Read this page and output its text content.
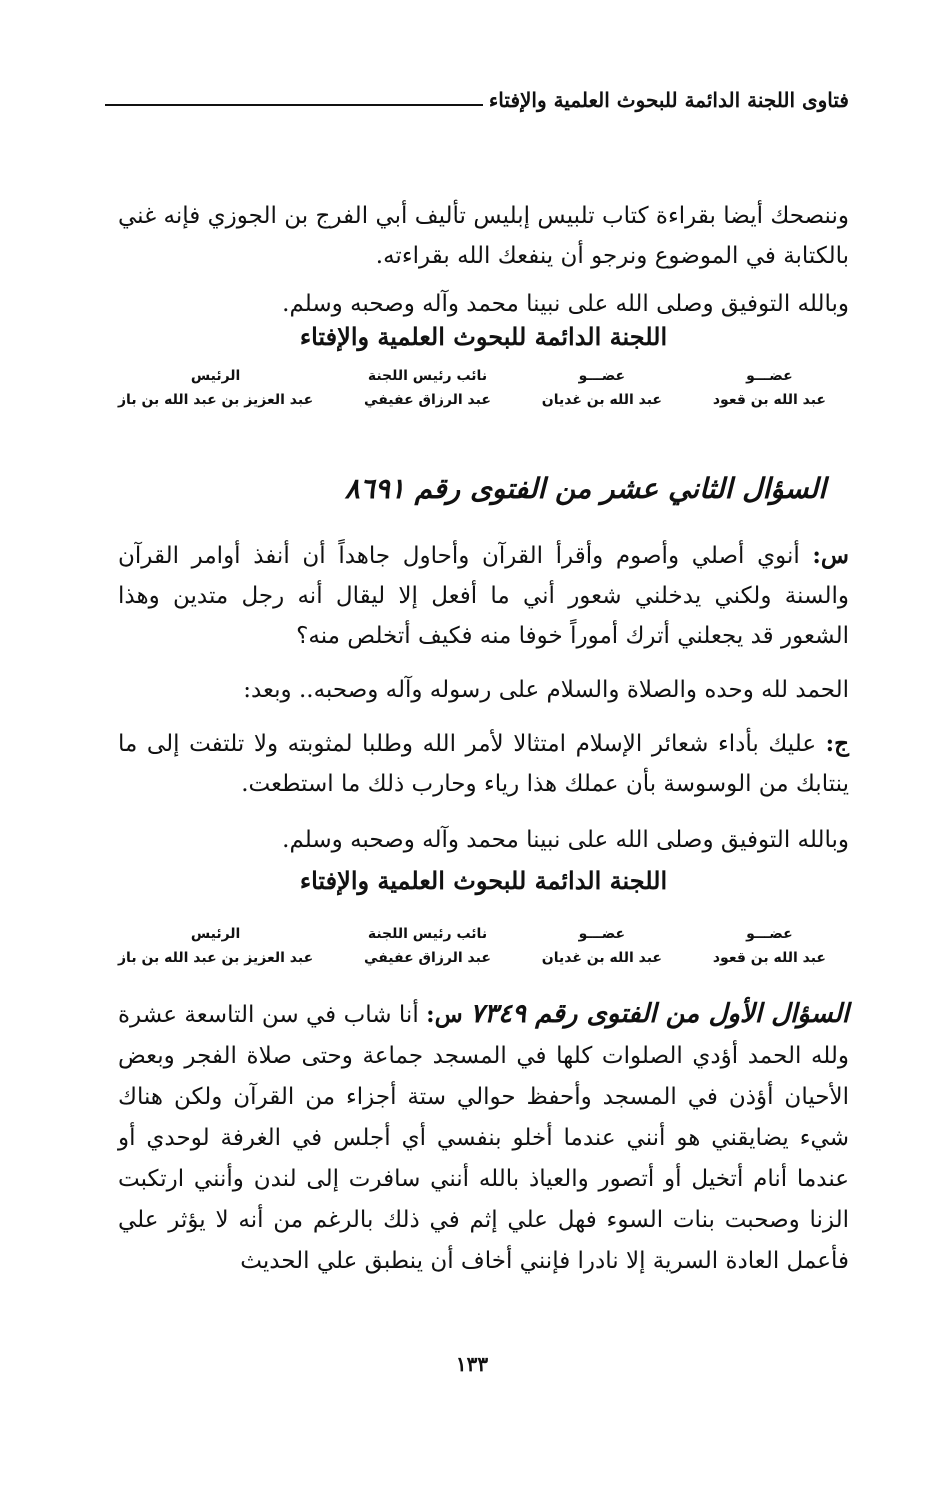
فتاوى اللجنة الدائمة للبحوث العلمية والإفتاء
وننصحك أيضا بقراءة كتاب تلبيس إبليس تأليف أبي الفرج بن الجوزي فإنه غني بالكتابة في الموضوع ونرجو أن ينفعك الله بقراءته.
وبالله التوفيق وصلى الله على نبينا محمد وآله وصحبه وسلم.
اللجنة الدائمة للبحوث العلمية والإفتاء
عضـــو
عبد الله بن قعود
عضـــو
عبد الله بن غديان
نائب رئيس اللجنة
عبد الرزاق عفيفي
الرئيس
عبد العزيز بن عبد الله بن باز
السؤال الثاني عشر من الفتوى رقم ٨٦٩١
س: أنوي أصلي وأصوم وأقرأ القرآن وأحاول جاهداً أن أنفذ أوامر القرآن والسنة ولكني يدخلني شعور أني ما أفعل إلا ليقال أنه رجل متدين وهذا الشعور قد يجعلني أترك أموراً خوفا منه فكيف أتخلص منه؟
الحمد لله وحده والصلاة والسلام على رسوله وآله وصحبه.. وبعد:
ج: عليك بأداء شعائر الإسلام امتثالا لأمر الله وطلبا لمثوبته ولا تلتفت إلى ما ينتابك من الوسوسة بأن عملك هذا رياء وحارب ذلك ما استطعت.
وبالله التوفيق وصلى الله على نبينا محمد وآله وصحبه وسلم.
اللجنة الدائمة للبحوث العلمية والإفتاء
عضـــو
عبد الله بن قعود
عضـــو
عبد الله بن غديان
نائب رئيس اللجنة
عبد الرزاق عفيفي
الرئيس
عبد العزيز بن عبد الله بن باز
السؤال الأول من الفتوى رقم ٧٣٤٩ س: أنا شاب في سن التاسعة عشرة ولله الحمد أؤدي الصلوات كلها في المسجد جماعة وحتى صلاة الفجر وبعض الأحيان أؤذن في المسجد وأحفظ حوالي ستة أجزاء من القرآن ولكن هناك شيء يضايقني هو أنني عندما أخلو بنفسي أي أجلس في الغرفة لوحدي أو عندما أنام أتخيل أو أتصور والعياذ بالله أنني سافرت إلى لندن وأنني ارتكبت الزنا وصحبت بنات السوء فهل علي إثم في ذلك بالرغم من أنه لا يؤثر علي فأعمل العادة السرية إلا نادرا فإنني أخاف أن ينطبق علي الحديث
١٣٣
